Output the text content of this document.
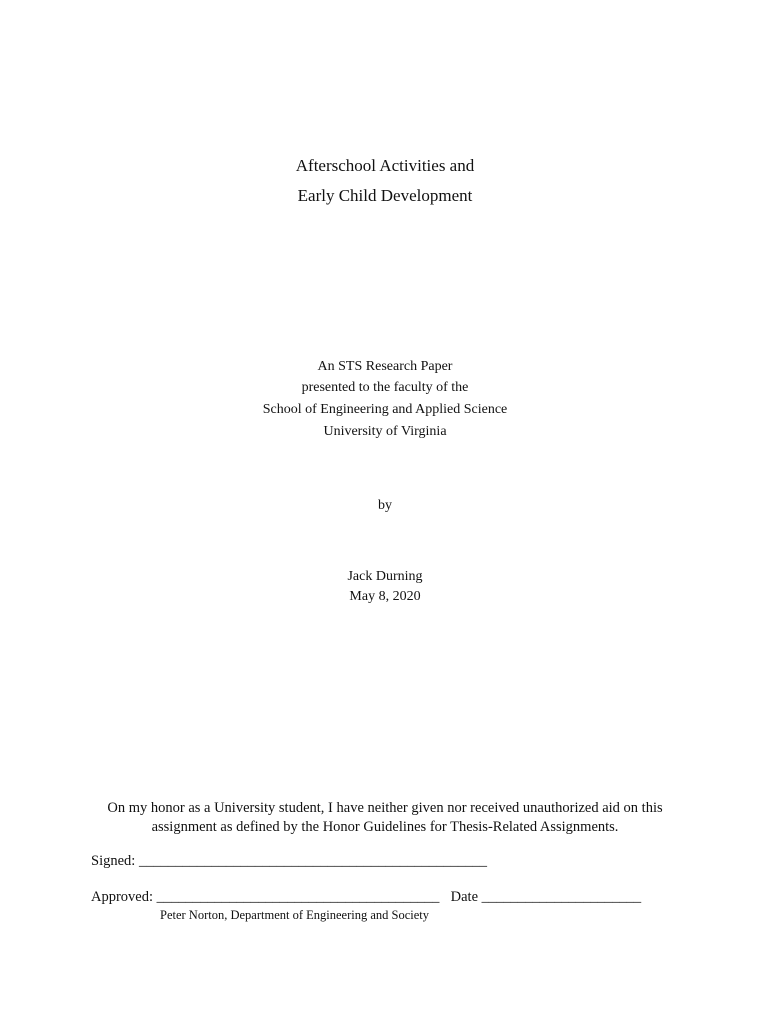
Afterschool Activities and
Early Child Development
An STS Research Paper
presented to the faculty of the
School of Engineering and Applied Science
University of Virginia
by
Jack Durning
May 8, 2020
On my honor as a University student, I have neither given nor received unauthorized aid on this
assignment as defined by the Honor Guidelines for Thesis-Related Assignments.
Signed: ________________________________________________
Approved: _______________________________________ Date ______________________
Peter Norton, Department of Engineering and Society
